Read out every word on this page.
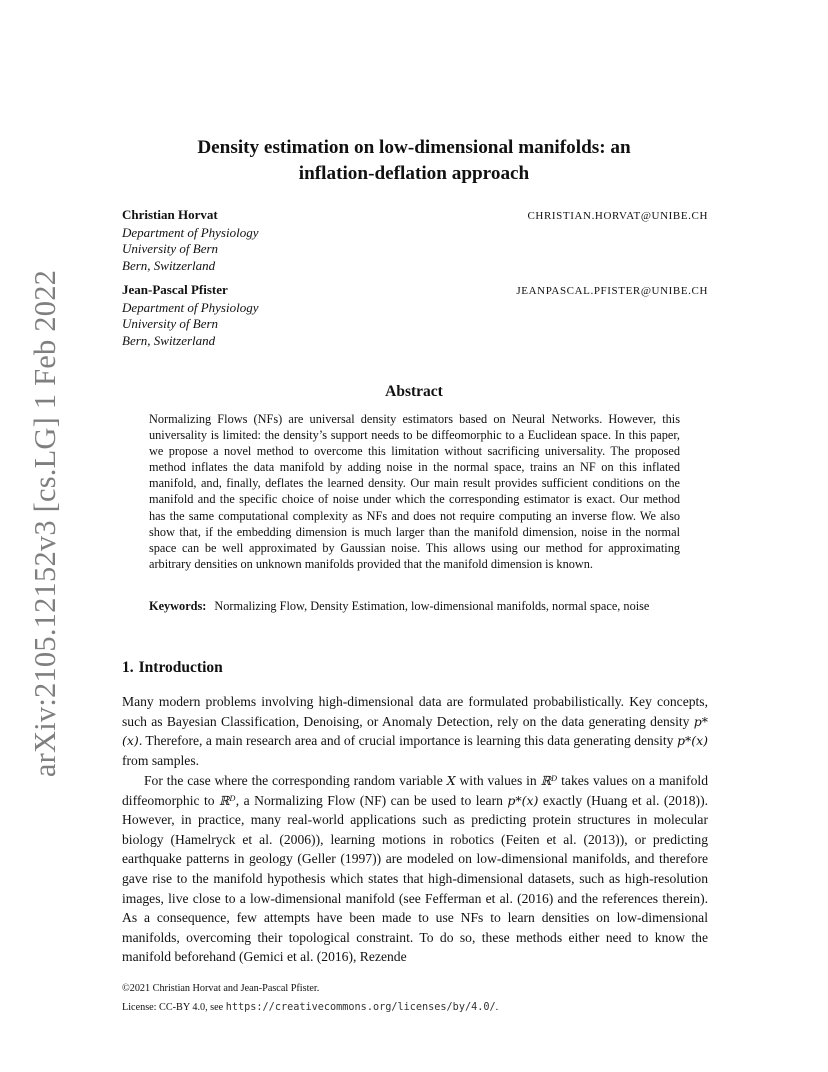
arXiv:2105.12152v3 [cs.LG] 1 Feb 2022
Density estimation on low-dimensional manifolds: an
inflation-deflation approach
Christian Horvat	CHRISTIAN.HORVAT@UNIBE.CH
Department of Physiology
University of Bern
Bern, Switzerland
Jean-Pascal Pfister	JEANPASCAL.PFISTER@UNIBE.CH
Department of Physiology
University of Bern
Bern, Switzerland
Abstract
Normalizing Flows (NFs) are universal density estimators based on Neural Networks. However, this universality is limited: the density’s support needs to be diffeomorphic to a Euclidean space. In this paper, we propose a novel method to overcome this limitation without sacrificing universality. The proposed method inflates the data manifold by adding noise in the normal space, trains an NF on this inflated manifold, and, finally, deflates the learned density. Our main result provides sufficient conditions on the manifold and the specific choice of noise under which the corresponding estimator is exact. Our method has the same computational complexity as NFs and does not require computing an inverse flow. We also show that, if the embedding dimension is much larger than the manifold dimension, noise in the normal space can be well approximated by Gaussian noise. This allows using our method for approximating arbitrary densities on unknown manifolds provided that the manifold dimension is known.
Keywords: Normalizing Flow, Density Estimation, low-dimensional manifolds, normal space, noise
1. Introduction
Many modern problems involving high-dimensional data are formulated probabilistically. Key concepts, such as Bayesian Classification, Denoising, or Anomaly Detection, rely on the data generating density p*(x). Therefore, a main research area and of crucial importance is learning this data generating density p*(x) from samples.
For the case where the corresponding random variable X with values in ℝᴰ takes values on a manifold diffeomorphic to ℝᴰ, a Normalizing Flow (NF) can be used to learn p*(x) exactly (Huang et al. (2018)). However, in practice, many real-world applications such as predicting protein structures in molecular biology (Hamelryck et al. (2006)), learning motions in robotics (Feiten et al. (2013)), or predicting earthquake patterns in geology (Geller (1997)) are modeled on low-dimensional manifolds, and therefore gave rise to the manifold hypothesis which states that high-dimensional datasets, such as high-resolution images, live close to a low-dimensional manifold (see Fefferman et al. (2016) and the references therein). As a consequence, few attempts have been made to use NFs to learn densities on low-dimensional manifolds, overcoming their topological constraint. To do so, these methods either need to know the manifold beforehand (Gemici et al. (2016), Rezende
©2021 Christian Horvat and Jean-Pascal Pfister.
License: CC-BY 4.0, see https://creativecommons.org/licenses/by/4.0/.
